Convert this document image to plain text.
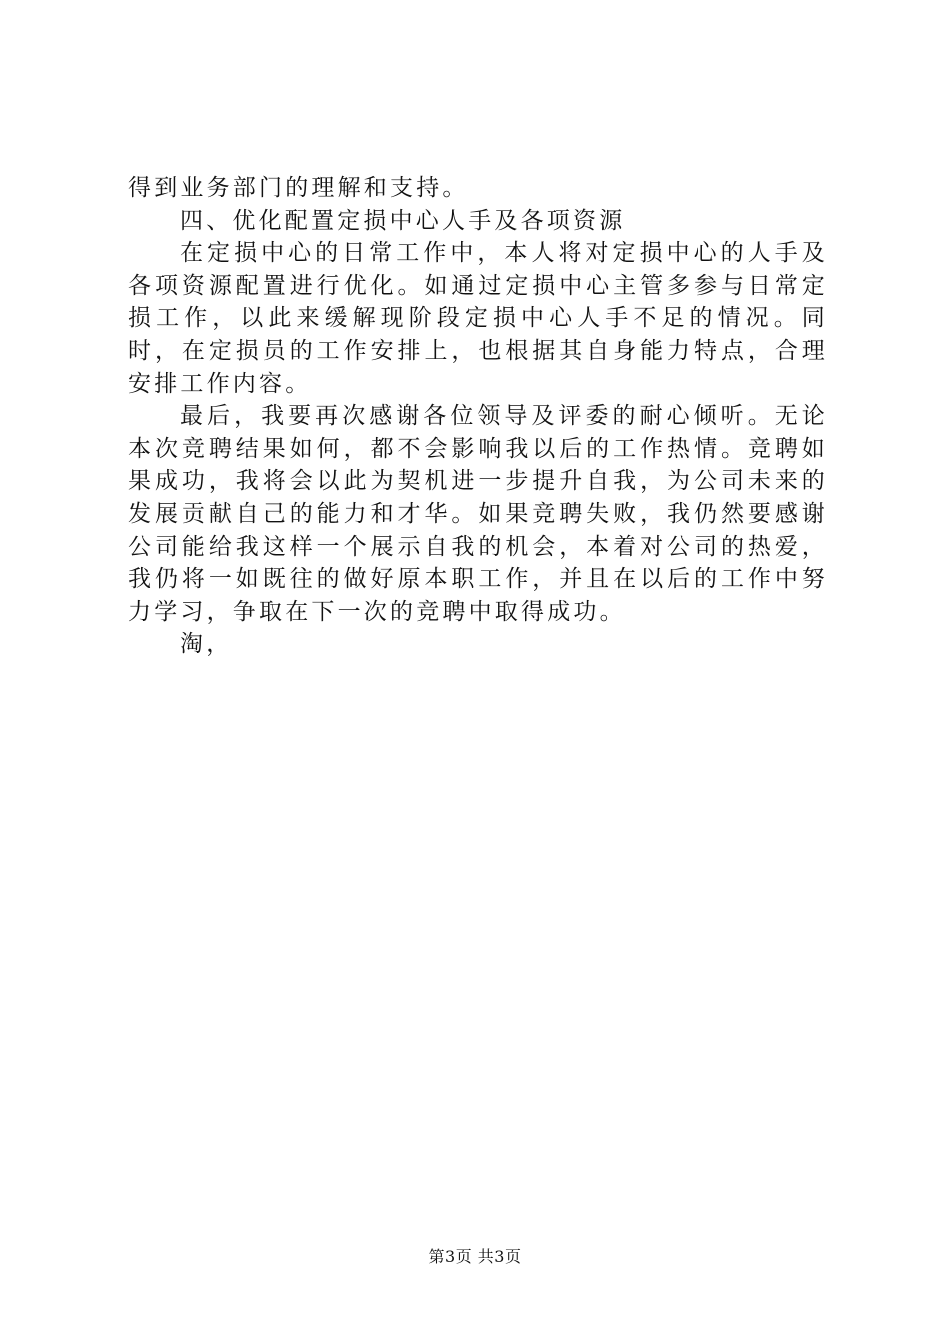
得到业务部门的理解和支持。

四、优化配置定损中心人手及各项资源

在定损中心的日常工作中，本人将对定损中心的人手及各项资源配置进行优化。如通过定损中心主管多参与日常定损工作，以此来缓解现阶段定损中心人手不足的情况。同时，在定损员的工作安排上，也根据其自身能力特点，合理安排工作内容。

最后，我要再次感谢各位领导及评委的耐心倾听。无论本次竞聘结果如何，都不会影响我以后的工作热情。竞聘如果成功，我将会以此为契机进一步提升自我，为公司未来的发展贡献自己的能力和才华。如果竞聘失败，我仍然要感谢公司能给我这样一个展示自我的机会，本着对公司的热爱，我仍将一如既往的做好原本职工作，并且在以后的工作中努力学习，争取在下一次的竞聘中取得成功。

淘，

第3页 共3页
